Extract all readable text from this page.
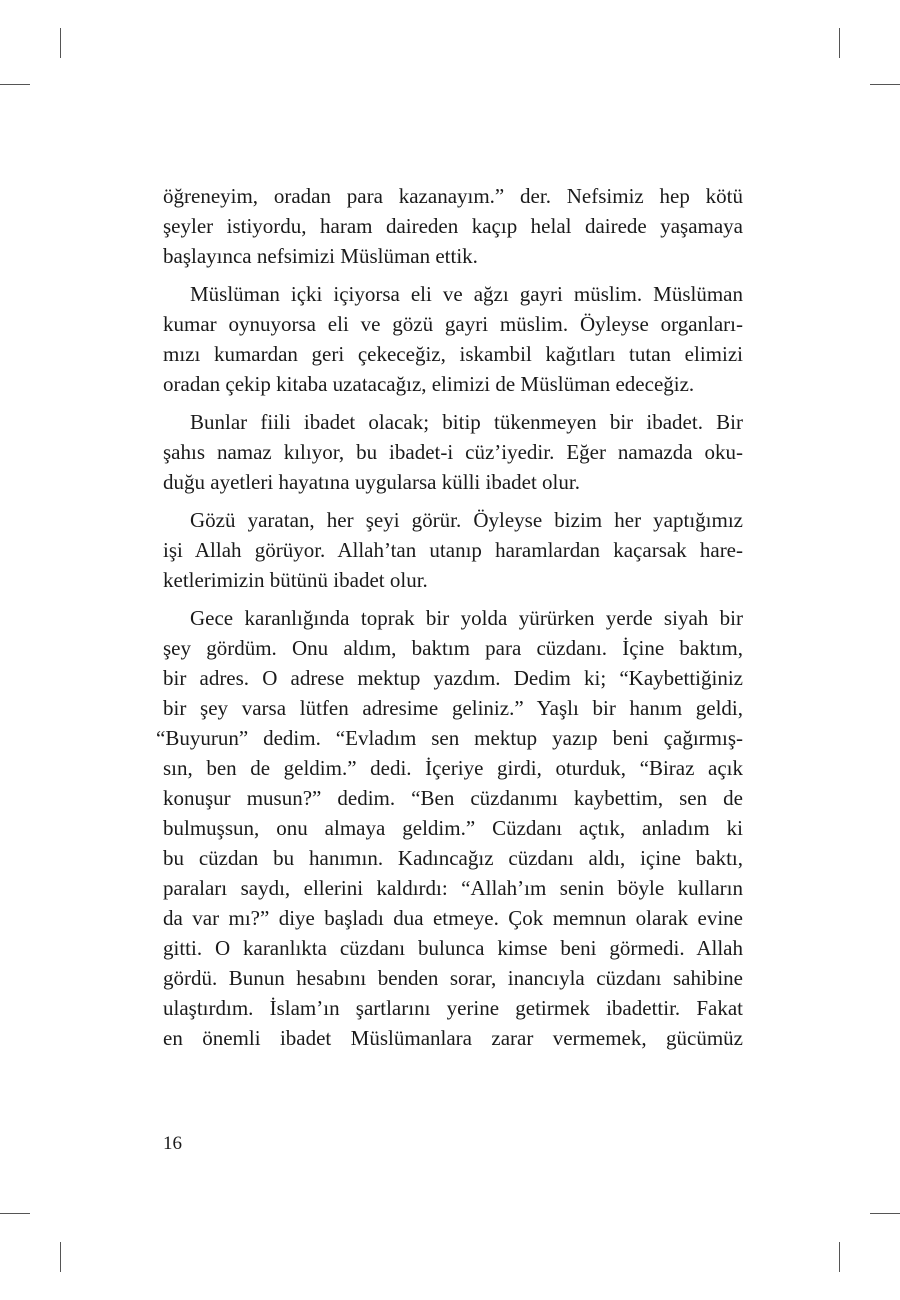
öğreneyim, oradan para kazanayım.” der. Nefsimiz hep kötü
şeyler istiyordu, haram daireden kaçıp helal dairede yaşamaya
başlayınca nefsimizi Müslüman ettik.

Müslüman içki içiyorsa eli ve ağzı gayri müslim. Müslüman
kumar oynuyorsa eli ve gözü gayri müslim. Öyleyse organları-
mızı kumardan geri çekeceğiz, iskambil kağıtları tutan elimizi
oradan çekip kitaba uzatacağız, elimizi de Müslüman edeceğiz.

Bunlar fiili ibadet olacak; bitip tükenmeyen bir ibadet. Bir
şahıs namaz kılıyor, bu ibadet-i cüz’iyedir. Eğer namazda oku-
duğu ayetleri hayatına uygularsa külli ibadet olur.

Gözü yaratan, her şeyi görür. Öyleyse bizim her yaptığımız
işi Allah görüyor. Allah’tan utanıp haramlardan kaçarsak hare-
ketlerimizin bütünü ibadet olur.

Gece karanlığında toprak bir yolda yürürken yerde siyah bir
şey gördüm. Onu aldım, baktım para cüzdanı. İçine baktım,
bir adres. O adrese mektup yazdım. Dedim ki; “Kaybettiğiniz
bir şey varsa lütfen adresime geliniz.” Yaşlı bir hanım geldi,
“Buyurun” dedim. “Evladım sen mektup yazıp beni çağırmış-
sın, ben de geldim.” dedi. İçeriye girdi, oturduk, “Biraz açık
konuşur musun?” dedim. “Ben cüzdanımı kaybettim, sen de
bulmuşsun, onu almaya geldim.” Cüzdanı açtık, anladım ki
bu cüzdan bu hanımın. Kadıncağız cüzdanı aldı, içine baktı,
paraları saydı, ellerini kaldırdı: “Allah’ım senin böyle kulların
da var mı?” diye başladı dua etmeye. Çok memnun olarak evine
gitti. O karanlıkta cüzdanı bulunca kimse beni görmedi. Allah
gördü. Bunun hesabını benden sorar, inancıyla cüzdanı sahibine
ulaştırdım. İslam’ın şartlarını yerine getirmek ibadettir. Fakat
en önemli ibadet Müslümanlara zarar vermemek, gücümüz

16
